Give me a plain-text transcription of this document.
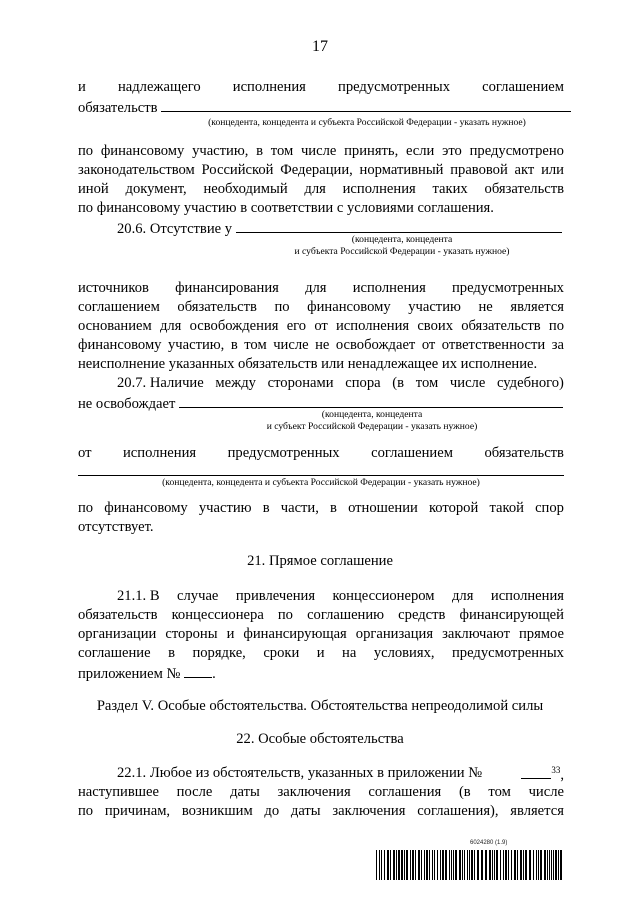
17
и надлежащего исполнения предусмотренных соглашением
обязательств
(концедента, концедента и субъекта Российской Федерации - указать нужное)
по финансовому участию, в том числе принять, если это предусмотрено
законодательством Российской Федерации, нормативный правовой акт или
иной документ, необходимый для исполнения таких обязательств
по финансовому участию в соответствии с условиями соглашения.
20.6. Отсутствие у
(концедента, концедента
и субъекта Российской Федерации - указать нужное)
источников финансирования для исполнения предусмотренных
соглашением обязательств по финансовому участию не является
основанием для освобождения его от исполнения своих обязательств по
финансовому участию, в том числе не освобождает от ответственности за
неисполнение указанных обязательств или ненадлежащее их исполнение.
20.7. Наличие между сторонами спора (в том числе судебного)
не освобождает
(концедента, концедента
и субъект Российской Федерации - указать нужное)
от исполнения предусмотренных соглашением обязательств
(концедента, концедента и субъекта Российской Федерации - указать нужное)
по финансовому участию в части, в отношении которой такой спор
отсутствует.
21. Прямое соглашение
21.1. В случае привлечения концессионером для исполнения
обязательств концессионера по соглашению средств финансирующей
организации стороны и финансирующая организация заключают прямое
соглашение в порядке, сроки и на условиях, предусмотренных
приложением № .
Раздел V. Особые обстоятельства. Обстоятельства непреодолимой силы
22. Особые обстоятельства
22.1. Любое из обстоятельств, указанных в приложении №	$^{33}$,
наступившее после даты заключения соглашения (в том числе
по причинам, возникшим до даты заключения соглашения), является
6024280 (1.9)
